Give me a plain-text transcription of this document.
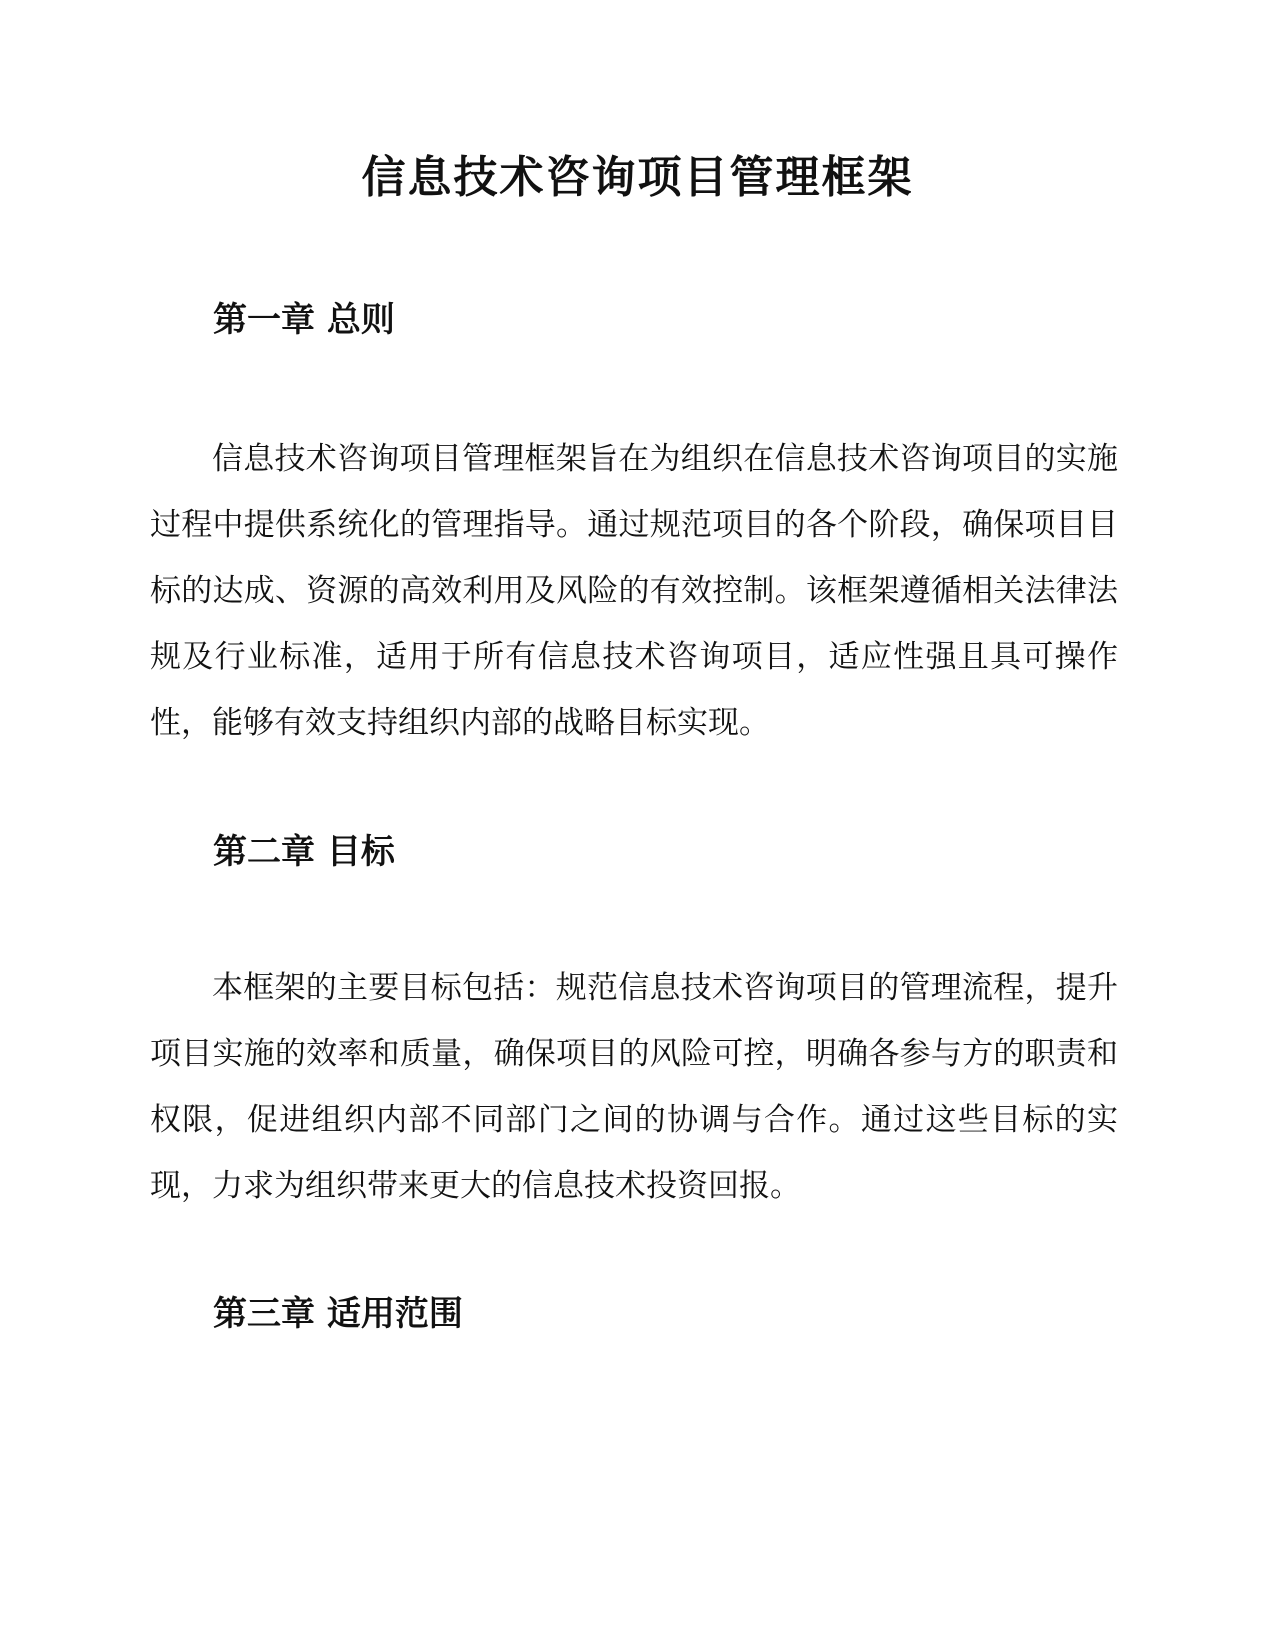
信息技术咨询项目管理框架
第一章 总则

信息技术咨询项目管理框架旨在为组织在信息技术咨询项目的实施过程中提供系统化的管理指导。通过规范项目的各个阶段，确保项目目标的达成、资源的高效利用及风险的有效控制。该框架遵循相关法律法规及行业标准，适用于所有信息技术咨询项目，适应性强且具可操作性，能够有效支持组织内部的战略目标实现。

第二章 目标

本框架的主要目标包括：规范信息技术咨询项目的管理流程，提升项目实施的效率和质量，确保项目的风险可控，明确各参与方的职责和权限，促进组织内部不同部门之间的协调与合作。通过这些目标的实现，力求为组织带来更大的信息技术投资回报。

第三章 适用范围
